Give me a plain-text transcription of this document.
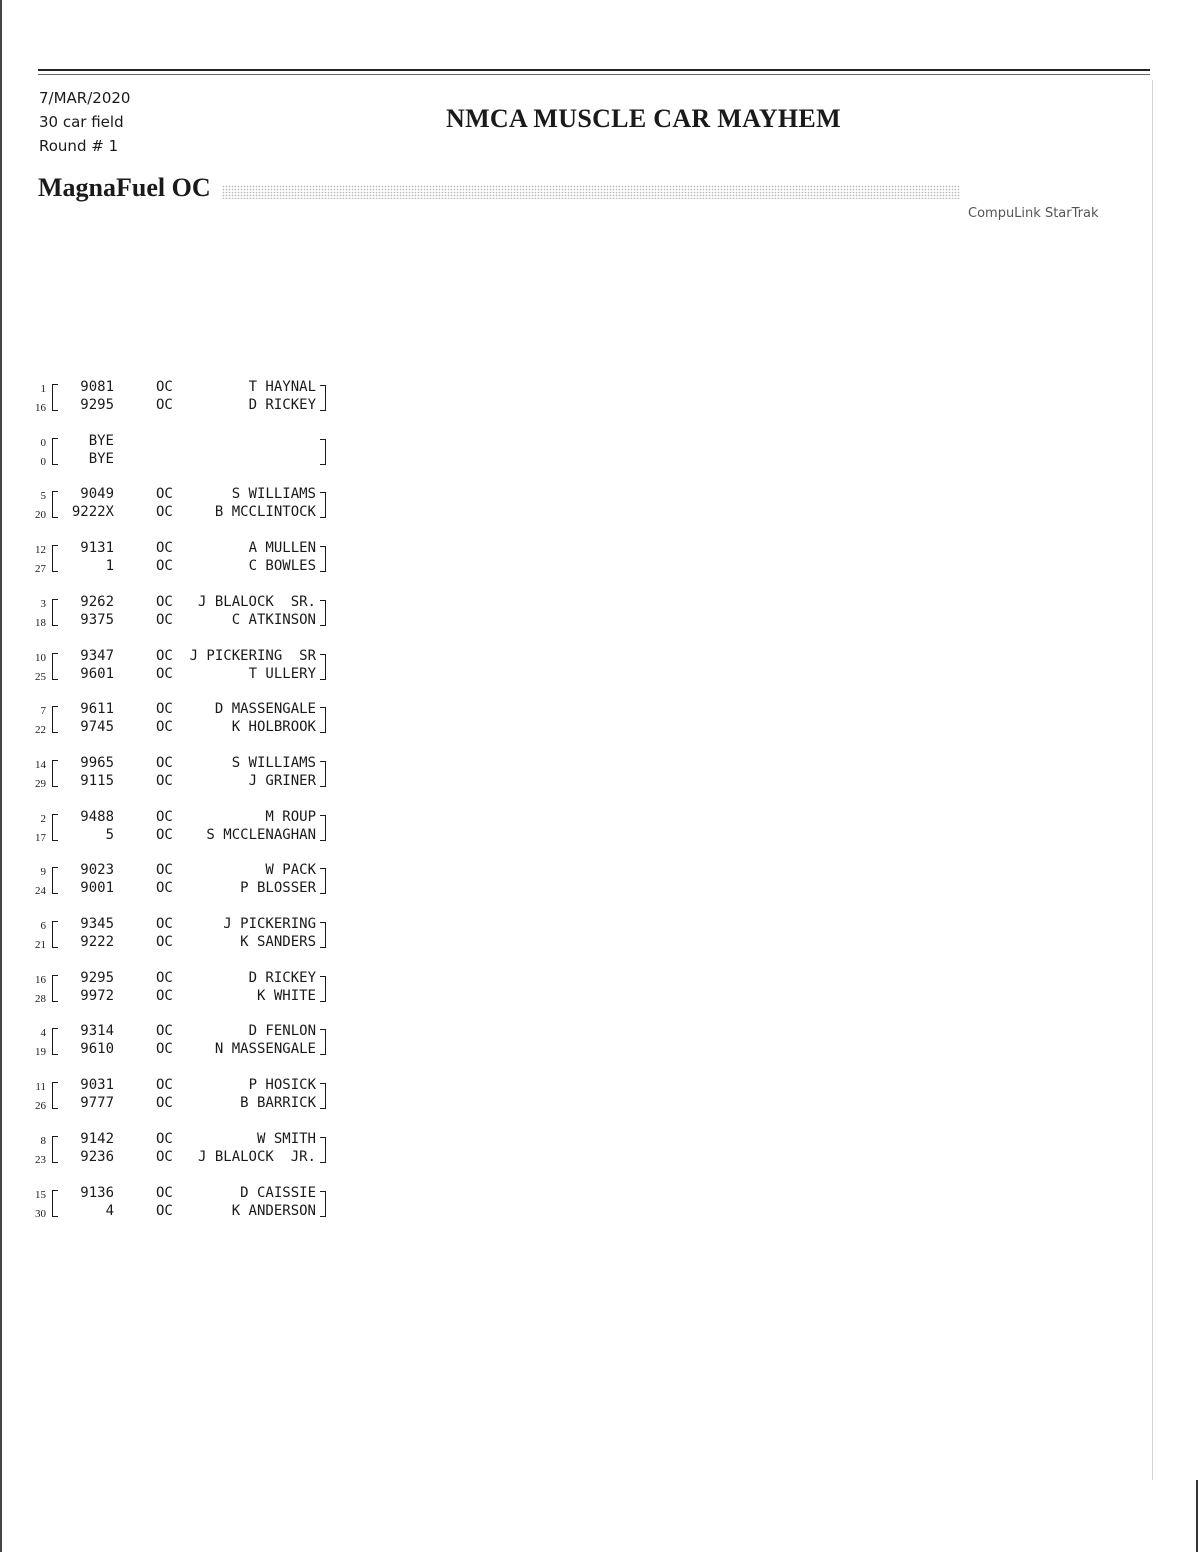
7/MAR/2020
30 car field
Round # 1
NMCA MUSCLE CAR MAYHEM
MagnaFuel OC
CompuLink StarTrak
1
16
9081
9295
OC
OC
T HAYNAL
D RICKEY
0
0
BYE
BYE
5
20
9049
9222X
OC
OC
S WILLIAMS
B MCCLINTOCK
12
27
9131
1
OC
OC
A MULLEN
C BOWLES
3
18
9262
9375
OC
OC
J BLALOCK  SR.
C ATKINSON
10
25
9347
9601
OC
OC
J PICKERING  SR
T ULLERY
7
22
9611
9745
OC
OC
D MASSENGALE
K HOLBROOK
14
29
9965
9115
OC
OC
S WILLIAMS
J GRINER
2
17
9488
5
OC
OC
M ROUP
S MCCLENAGHAN
9
24
9023
9001
OC
OC
W PACK
P BLOSSER
6
21
9345
9222
OC
OC
J PICKERING
K SANDERS
16
28
9295
9972
OC
OC
D RICKEY
K WHITE
4
19
9314
9610
OC
OC
D FENLON
N MASSENGALE
11
26
9031
9777
OC
OC
P HOSICK
B BARRICK
8
23
9142
9236
OC
OC
W SMITH
J BLALOCK  JR.
15
30
9136
4
OC
OC
D CAISSIE
K ANDERSON
